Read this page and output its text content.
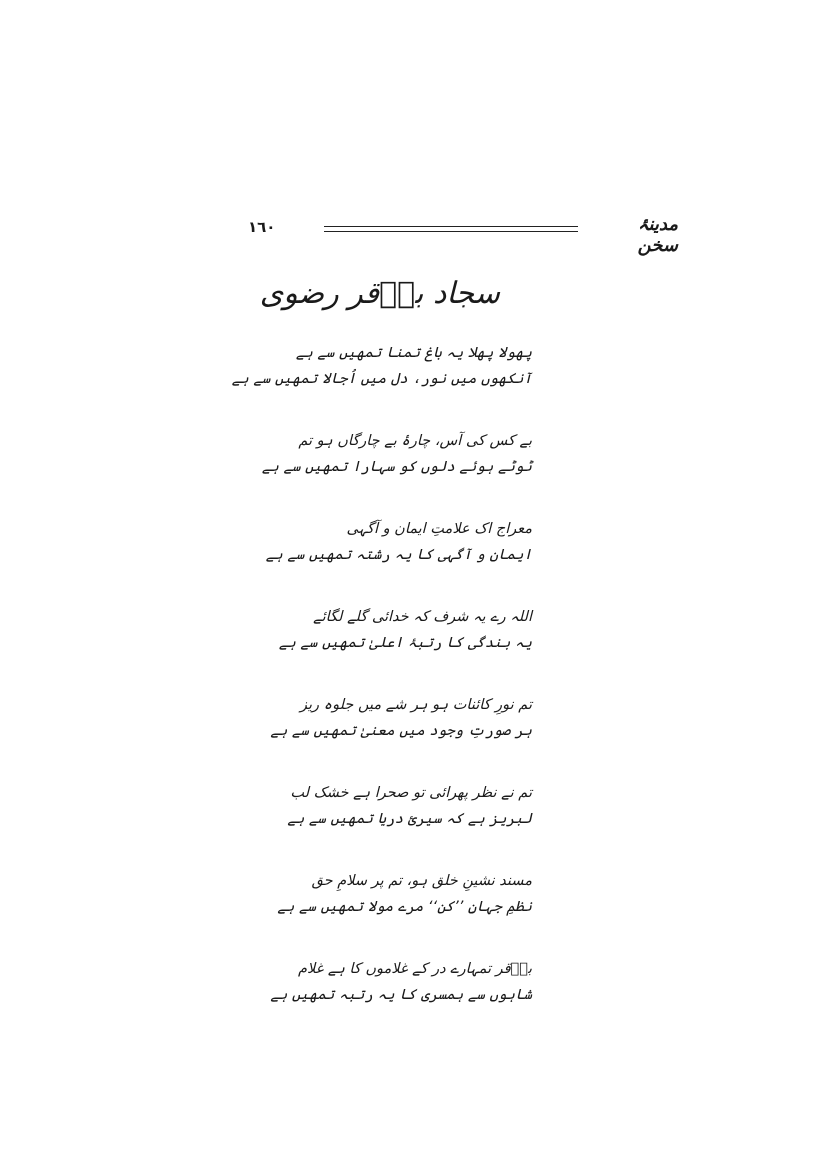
١٦٠	مدینۂ سخن
سجاد باؔقر رضوی
پھولا پھلا یہ باغ تمنا تمھیں سے ہے
آنکھوں میں نور، دل میں اُجالا تمھیں سے ہے
بے کس کی آس، چارۂ بے چارگاں ہو تم
ٹوٹے ہوئے دلوں کو سہارا تمھیں سے ہے
معراج اک علامتِ ایمان و آگہی
ایمان و آگہی کا یہ رشتہ تمھیں سے ہے
اللہ رے یہ شرف کہ خدائی گلے لگائے
یہ بندگی کا رتبۂ اعلیٰ تمھیں سے ہے
تم نورِ کائنات ہو ہر شے میں جلوہ ریز
ہر صورتِ وجود میں معنیٰ تمھیں سے ہے
تم نے نظر پھرائی تو صحرا ہے خشک لب
لبریز ہے کہ سیریٔ دریا تمھیں سے ہے
مسند نشینِ خلق ہو، تم پر سلامِ حق
نظمِ جہانِ ’’کن‘‘ مرے مولا تمھیں سے ہے
باؔقر تمہارے در کے غلاموں کا ہے غلام
شاہوں سے ہمسری کا یہ رتبہ تمھیں ہے
